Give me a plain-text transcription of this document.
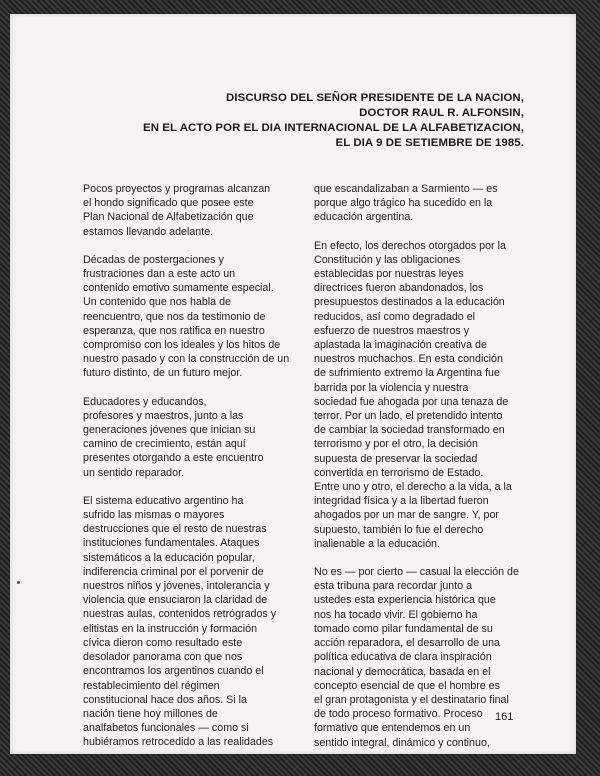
DISCURSO DEL SEÑOR PRESIDENTE DE LA NACION,
DOCTOR RAUL R. ALFONSIN,
EN EL ACTO POR EL DIA INTERNACIONAL DE LA ALFABETIZACION,
EL DIA 9 DE SETIEMBRE DE 1985.

Pocos proyectos y programas alcanzan
el hondo significado que posee este
Plan Nacional de Alfabetización que
estamos llevando adelante.

Décadas de postergaciones y
frustraciones dan a este acto un
contenido emotivo sumamente especial.
Un contenido que nos habla de
reencuentro, que nos da testimonio de
esperanza, que nos ratifica en nuestro
compromiso con los ideales y los hitos de
nuestro pasado y con la construcción de un
futuro distinto, de un futuro mejor.

Educadores y educandos,
profesores y maestros, junto a las
generaciones jóvenes que inician su
camino de crecimiento, están aquí
presentes otorgando a este encuentro
un sentido reparador.

El sistema educativo argentino ha
sufrido las mismas o mayores
destrucciones que el resto de nuestras
instituciones fundamentales. Ataques
sistemáticos a la educación popular,
indiferencia criminal por el porvenir de
nuestros niños y jóvenes, intolerancia y
violencia que ensuciaron la claridad de
nuestras aulas, contenidos retrógrados y
elitistas en la instrucción y formación
cívica dieron como resultado este
desolador panorama con que nos
encontramos los argentinos cuando el
restablecimiento del régimen
constitucional hace dos años. Si la
nación tiene hoy millones de
analfabetos funcionales — como si
hubiéramos retrocedido a las realidades

que escandalizaban a Sarmiento — es
porque algo trágico ha sucedido en la
educación argentina.

En efecto, los derechos otorgados por la
Constitución y las obligaciones
establecidas por nuestras leyes
directrices fueron abandonados, los
presupuestos destinados a la educación
reducidos, así como degradado el
esfuerzo de nuestros maestros y
aplastada la imaginación creativa de
nuestros muchachos. En esta condición
de sufrimiento extremo la Argentina fue
barrida por la violencia y nuestra
sociedad fue ahogada por una tenaza de
terror. Por un lado, el pretendido intento
de cambiar la sociedad transformado en
terrorismo y por el otro, la decisión
supuesta de preservar la sociedad
convertida en terrorismo de Estado.
Entre uno y otro, el derecho a la vida, a la
integridad física y a la libertad fueron
ahogados por un mar de sangre. Y, por
supuesto, también lo fue el derecho
inalienable a la educación.

No es — por cierto — casual la elección de
esta tribuna para recordar junto a
ustedes esta experiencia histórica que
nos ha tocado vivir. El gobierno ha
tomado como pilar fundamental de su
acción reparadora, el desarrollo de una
política educativa de clara inspiración
nacional y democrática, basada en el
concepto esencial de que el hombre es
el gran protagonista y el destinatario final
de todo proceso formativo. Proceso
formativo que entendemos en un
sentido integral, dinámico y continuo,

161
